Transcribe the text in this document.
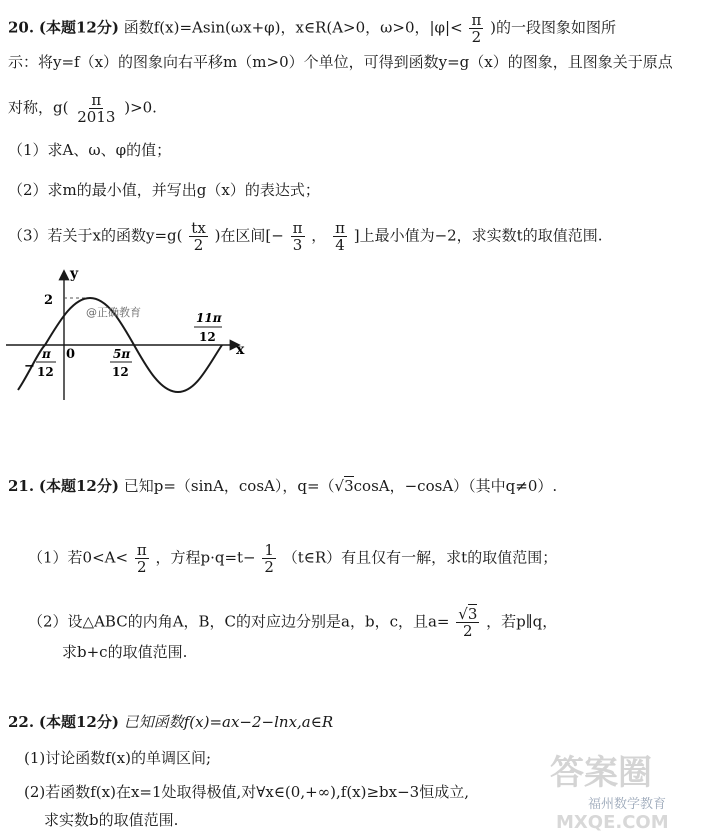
20. (本题12分) 函数f(x)=Asin(ωx+φ)，x∈R(A>0，ω>0，$|\varphi|< \frac{\pi}{2}$ )的一段图象如图所
示：将y=f（x）的图象向右平移m（m>0）个单位，可得到函数y=g（x）的图象，且图象关于原点
对称，$g( \frac{\pi}{2013} )>0$.
（1）求A、ω、φ的值；
（2）求m的最小值，并写出g（x）的表达式；
（3）若关于x的函数$y=g( \frac{tx}{2}$ )在区间[− $\frac{\pi}{3}$ ， $\frac{\pi}{4}$ ]上最小值为−2，求实数t的取值范围.
y
x
2
0
@正确教育
−
π
12
5π
12
11π
12
21. (本题12分) 已知p=（sinA，cosA），q=（√3cosA，−cosA）（其中q≠0）.
（1）若$0<A< \frac{\pi}{2}$ ，方程$p\cdot q=t- \frac{1}{2}$ （t∈R）有且仅有一解，求t的取值范围；
（2）设△ABC的内角A，B，C的对应边分别是a，b，c，且$a= \frac{√3}{2}$ ，若p∥q，
求b+c的取值范围.
22. (本题12分) 已知函数f(x)=ax−2−lnx,a∈R
(1)讨论函数f(x)的单调区间;
(2)若函数f(x)在x=1处取得极值,对∀x∈(0,+∞),f(x)≥bx−3恒成立,
求实数b的取值范围.
答案圈
福州数学教育
MXQE.COM
